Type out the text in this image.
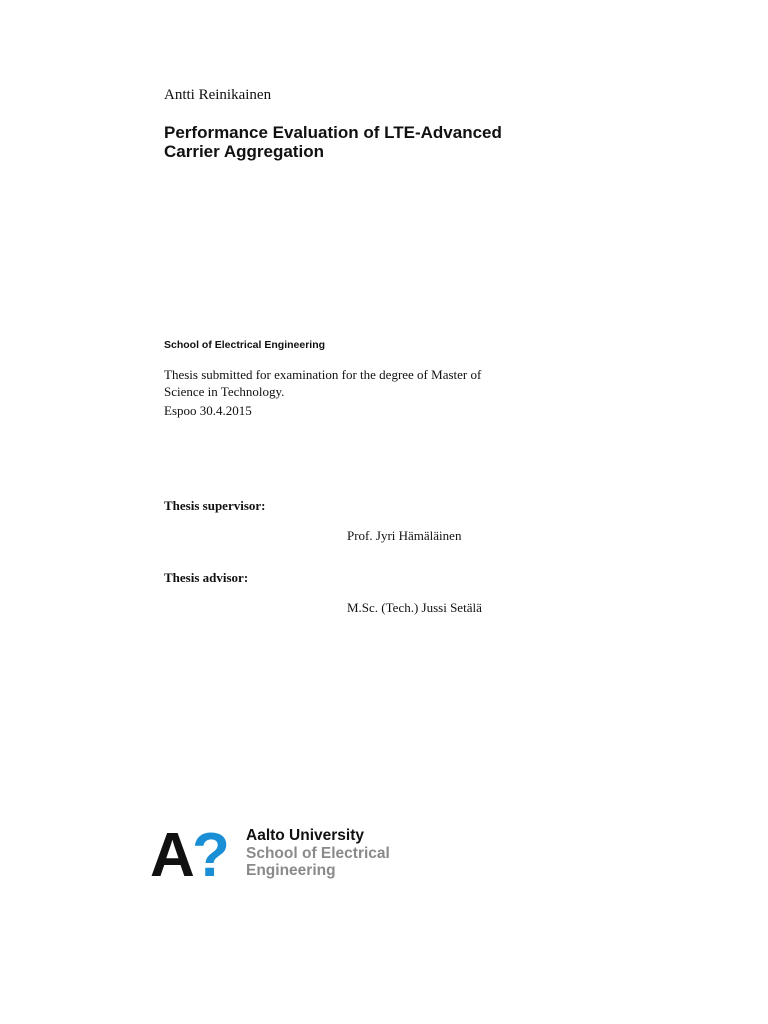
Antti Reinikainen
Performance Evaluation of LTE-Advanced
Carrier Aggregation
School of Electrical Engineering
Thesis submitted for examination for the degree of Master of
Science in Technology.
Espoo 30.4.2015
Thesis supervisor:
Prof. Jyri Hämäläinen
Thesis advisor:
M.Sc. (Tech.) Jussi Setälä
A
? Aalto University
School of Electrical
Engineering
